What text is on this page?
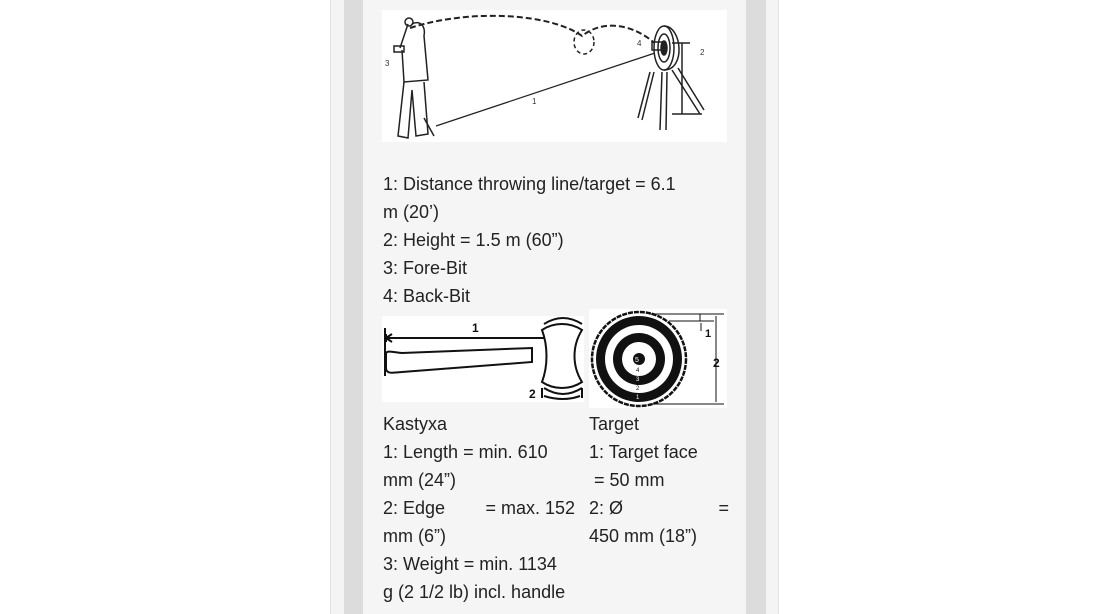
3
1
4
2
1: Distance throwing line/target = 6.1
m (20’)
2: Height = 1.5 m (60”)
3: Fore-Bit
4: Back-Bit
1
2
1
2
5
4
3
2
1
Kastyxa
1: Length = min. 610
mm (24”)
2: Edge = max. 152
mm (6”)
3: Weight = min. 1134
g (2 1/2 lb) incl. handle
Target
1: Target face
= 50 mm
2: Ø	=
450 mm (18”)
